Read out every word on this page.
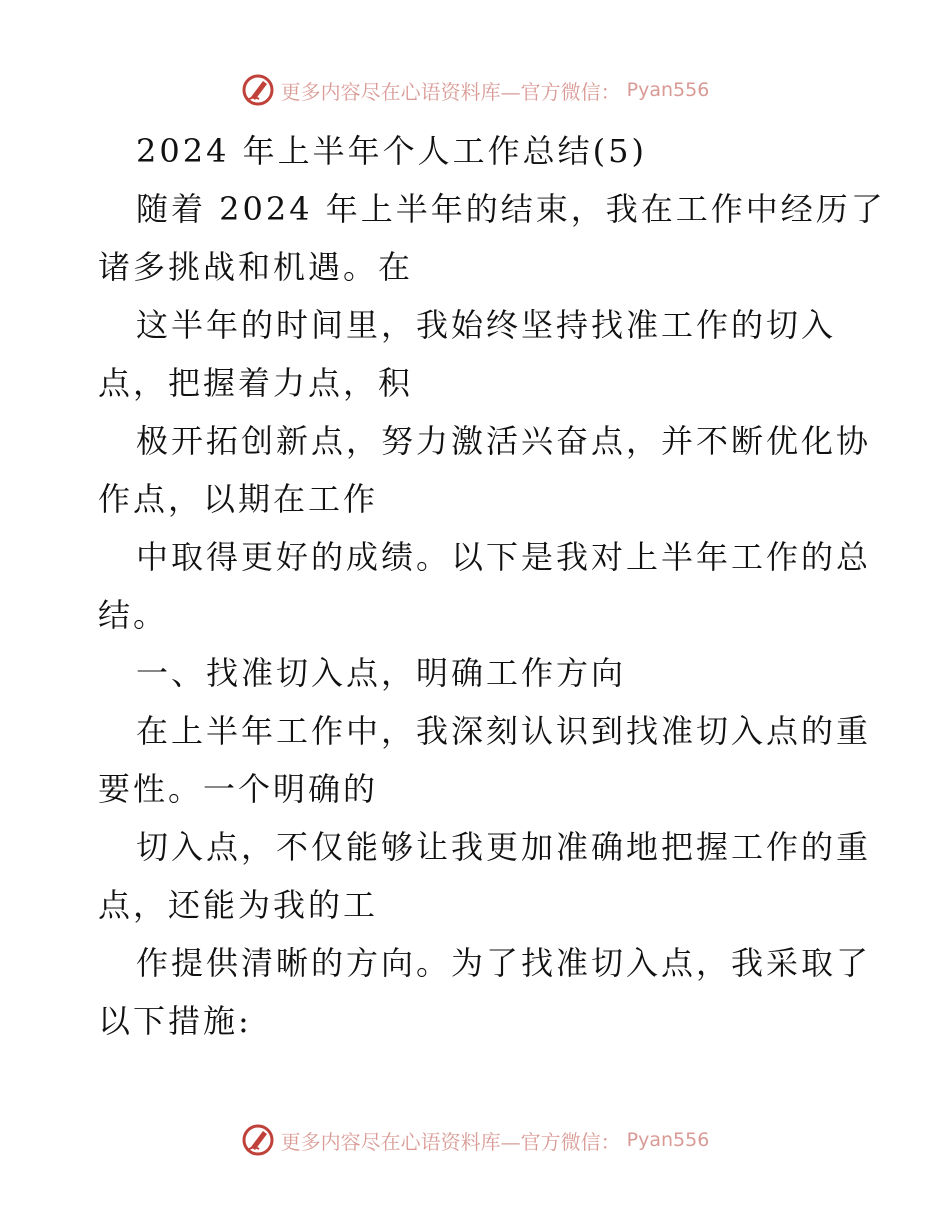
更多内容尽在心语资料库—官方微信： Pyan556
2024 年上半年个人工作总结(5)
随着 2024 年上半年的结束，我在工作中经历了
诸多挑战和机遇。在
这半年的时间里，我始终坚持找准工作的切入
点，把握着力点，积
极开拓创新点，努力激活兴奋点，并不断优化协
作点，以期在工作
中取得更好的成绩。以下是我对上半年工作的总
结。
一、找准切入点，明确工作方向
在上半年工作中，我深刻认识到找准切入点的重
要性。一个明确的
切入点，不仅能够让我更加准确地把握工作的重
点，还能为我的工
作提供清晰的方向。为了找准切入点，我采取了
以下措施:
更多内容尽在心语资料库—官方微信： Pyan556
